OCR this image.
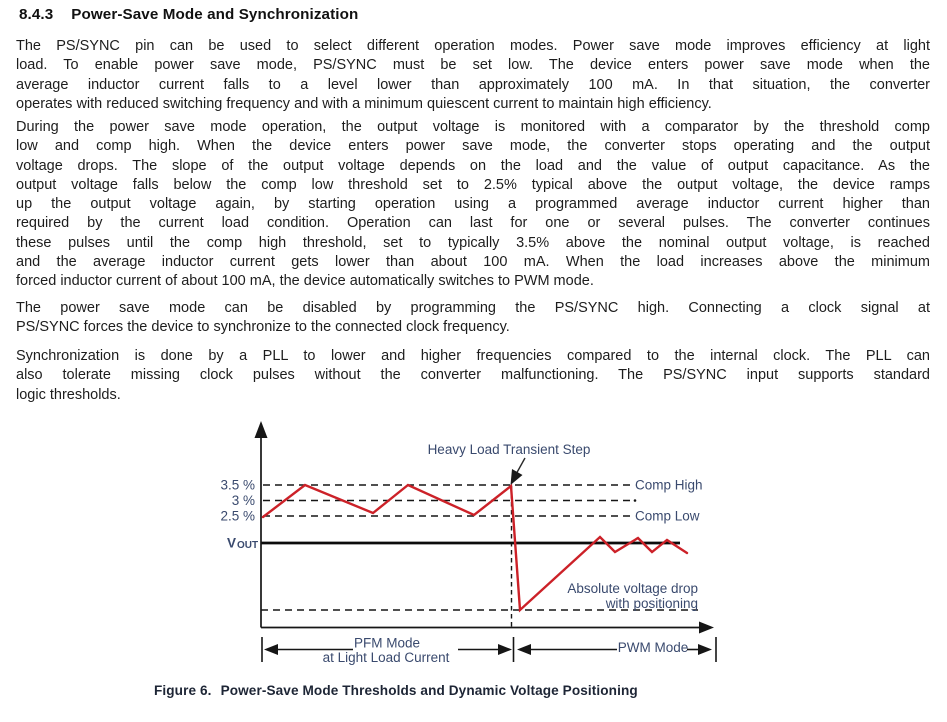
8.4.3 Power-Save Mode and Synchronization
The PS/SYNC pin can be used to select different operation modes. Power save mode improves efficiency at light
load. To enable power save mode, PS/SYNC must be set low. The device enters power save mode when the
average inductor current falls to a level lower than approximately 100 mA. In that situation, the converter
operates with reduced switching frequency and with a minimum quiescent current to maintain high efficiency.
During the power save mode operation, the output voltage is monitored with a comparator by the threshold comp
low and comp high. When the device enters power save mode, the converter stops operating and the output
voltage drops. The slope of the output voltage depends on the load and the value of output capacitance. As the
output voltage falls below the comp low threshold set to 2.5% typical above the output voltage, the device ramps
up the output voltage again, by starting operation using a programmed average inductor current higher than
required by the current load condition. Operation can last for one or several pulses. The converter continues
these pulses until the comp high threshold, set to typically 3.5% above the nominal output voltage, is reached
and the average inductor current gets lower than about 100 mA. When the load increases above the minimum
forced inductor current of about 100 mA, the device automatically switches to PWM mode.
The power save mode can be disabled by programming the PS/SYNC high. Connecting a clock signal at
PS/SYNC forces the device to synchronize to the connected clock frequency.
Synchronization is done by a PLL to lower and higher frequencies compared to the internal clock. The PLL can
also tolerate missing clock pulses without the converter malfunctioning. The PS/SYNC input supports standard
logic thresholds.
Heavy Load Transient Step
Comp High
Comp Low
3.5 %
3 %
2.5 %
V OUT
Absolute voltage drop
with positioning
PFM Mode
at Light Load Current
PWM Mode
Figure 6. Power-Save Mode Thresholds and Dynamic Voltage Positioning
